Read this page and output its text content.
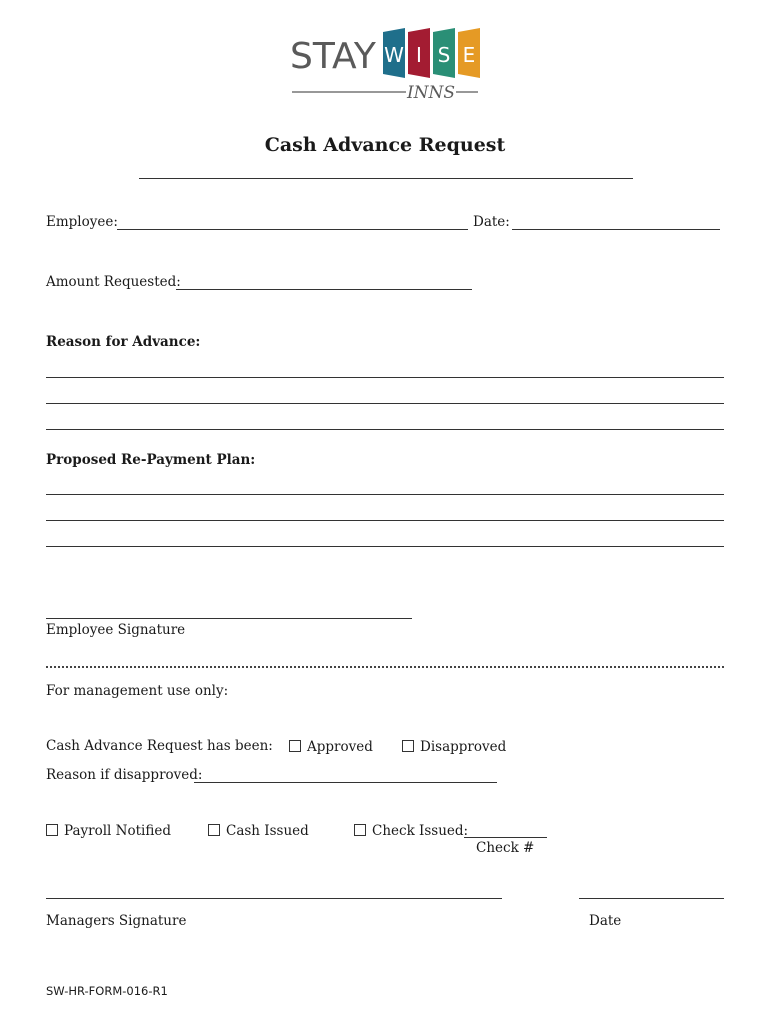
STAY W I S E
INNS
Cash Advance Request
Employee:	Date:
Amount Requested:
Reason for Advance:
Proposed Re-Payment Plan:
Employee Signature
For management use only:
Cash Advance Request has been:	Approved	Disapproved
Reason if disapproved:
Payroll Notified	Cash Issued	Check Issued:
Check #
Managers Signature	Date
SW-HR-FORM-016-R1
